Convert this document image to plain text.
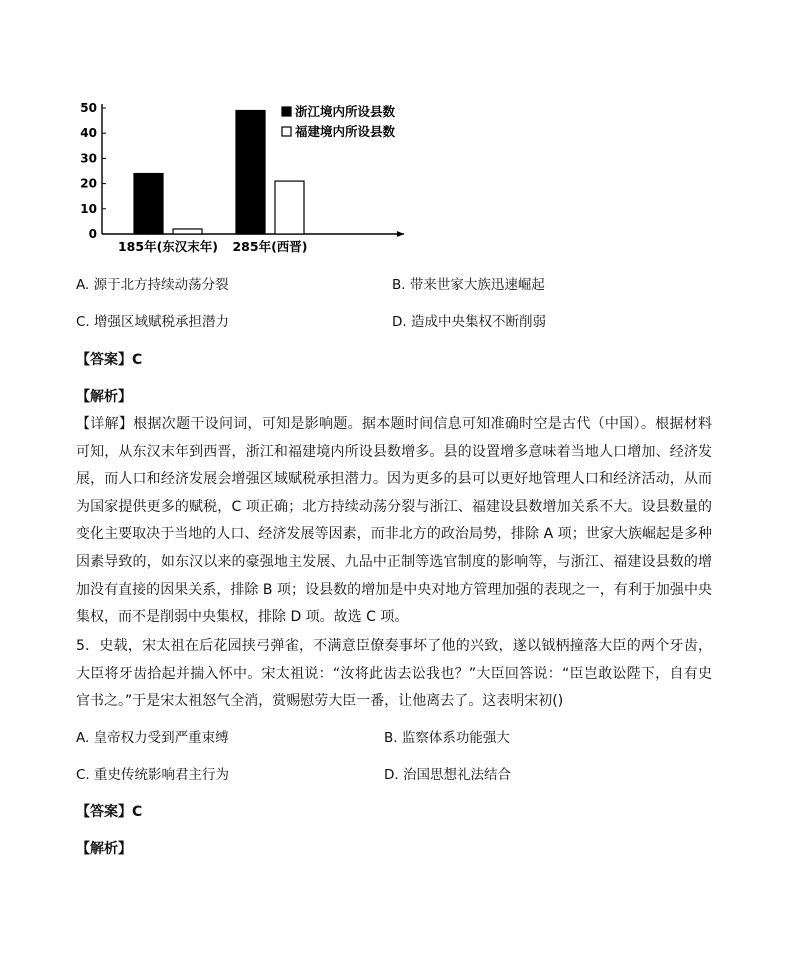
0
10
20
30
40
50
185年(东汉末年) 285年(西晋)
浙江境内所设县数
福建境内所设县数
A. 源于北方持续动荡分裂	B. 带来世家大族迅速崛起
C. 增强区域赋税承担潜力	D. 造成中央集权不断削弱
【答案】C
【解析】
【详解】根据次题干设问词，可知是影响题。据本题时间信息可知准确时空是古代（中国）。根据材料可知，从东汉末年到西晋，浙江和福建境内所设县数增多。县的设置增多意味着当地人口增加、经济发展，而人口和经济发展会增强区域赋税承担潜力。因为更多的县可以更好地管理人口和经济活动，从而为国家提供更多的赋税，C 项正确；北方持续动荡分裂与浙江、福建设县数增加关系不大。设县数量的变化主要取决于当地的人口、经济发展等因素，而非北方的政治局势，排除 A 项；世家大族崛起是多种因素导致的，如东汉以来的豪强地主发展、九品中正制等选官制度的影响等，与浙江、福建设县数的增加没有直接的因果关系，排除 B 项；设县数的增加是中央对地方管理加强的表现之一，有利于加强中央集权，而不是削弱中央集权，排除 D 项。故选 C 项。
5．史载，宋太祖在后花园挟弓弹雀，不满意臣僚奏事坏了他的兴致，遂以钺柄撞落大臣的两个牙齿，大臣将牙齿拾起并揣入怀中。宋太祖说：“汝将此齿去讼我也？”大臣回答说：“臣岂敢讼陛下，自有史官书之。”于是宋太祖怒气全消，赏赐慰劳大臣一番，让他离去了。这表明宋初()
A. 皇帝权力受到严重束缚	B. 监察体系功能强大
C. 重史传统影响君主行为	D. 治国思想礼法结合
【答案】C
【解析】
